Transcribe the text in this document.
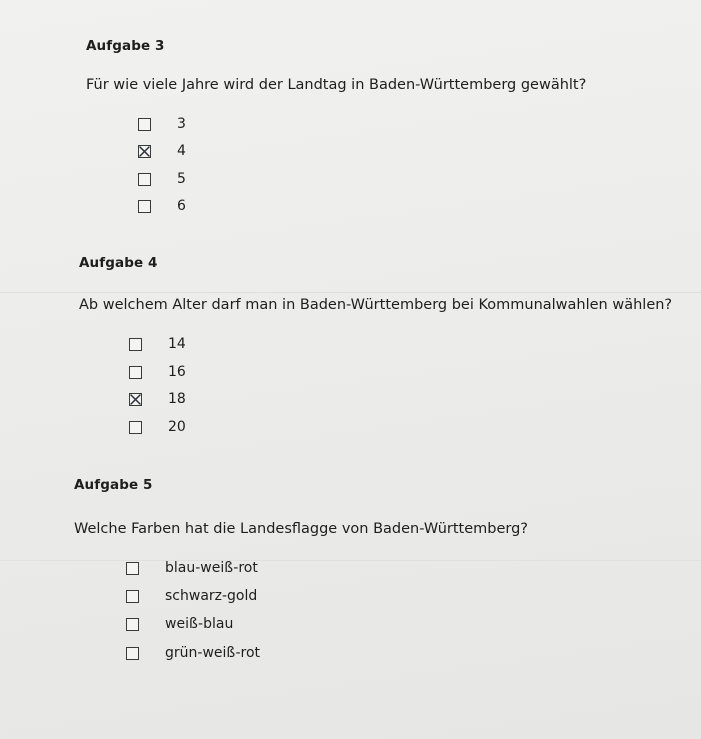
Aufgabe 3
Für wie viele Jahre wird der Landtag in Baden-Württemberg gewählt?
3
4
5
6
Aufgabe 4
Ab welchem Alter darf man in Baden-Württemberg bei Kommunalwahlen wählen?
14
16
18
20
Aufgabe 5
Welche Farben hat die Landesflagge von Baden-Württemberg?
blau-weiß-rot
schwarz-gold
weiß-blau
grün-weiß-rot
